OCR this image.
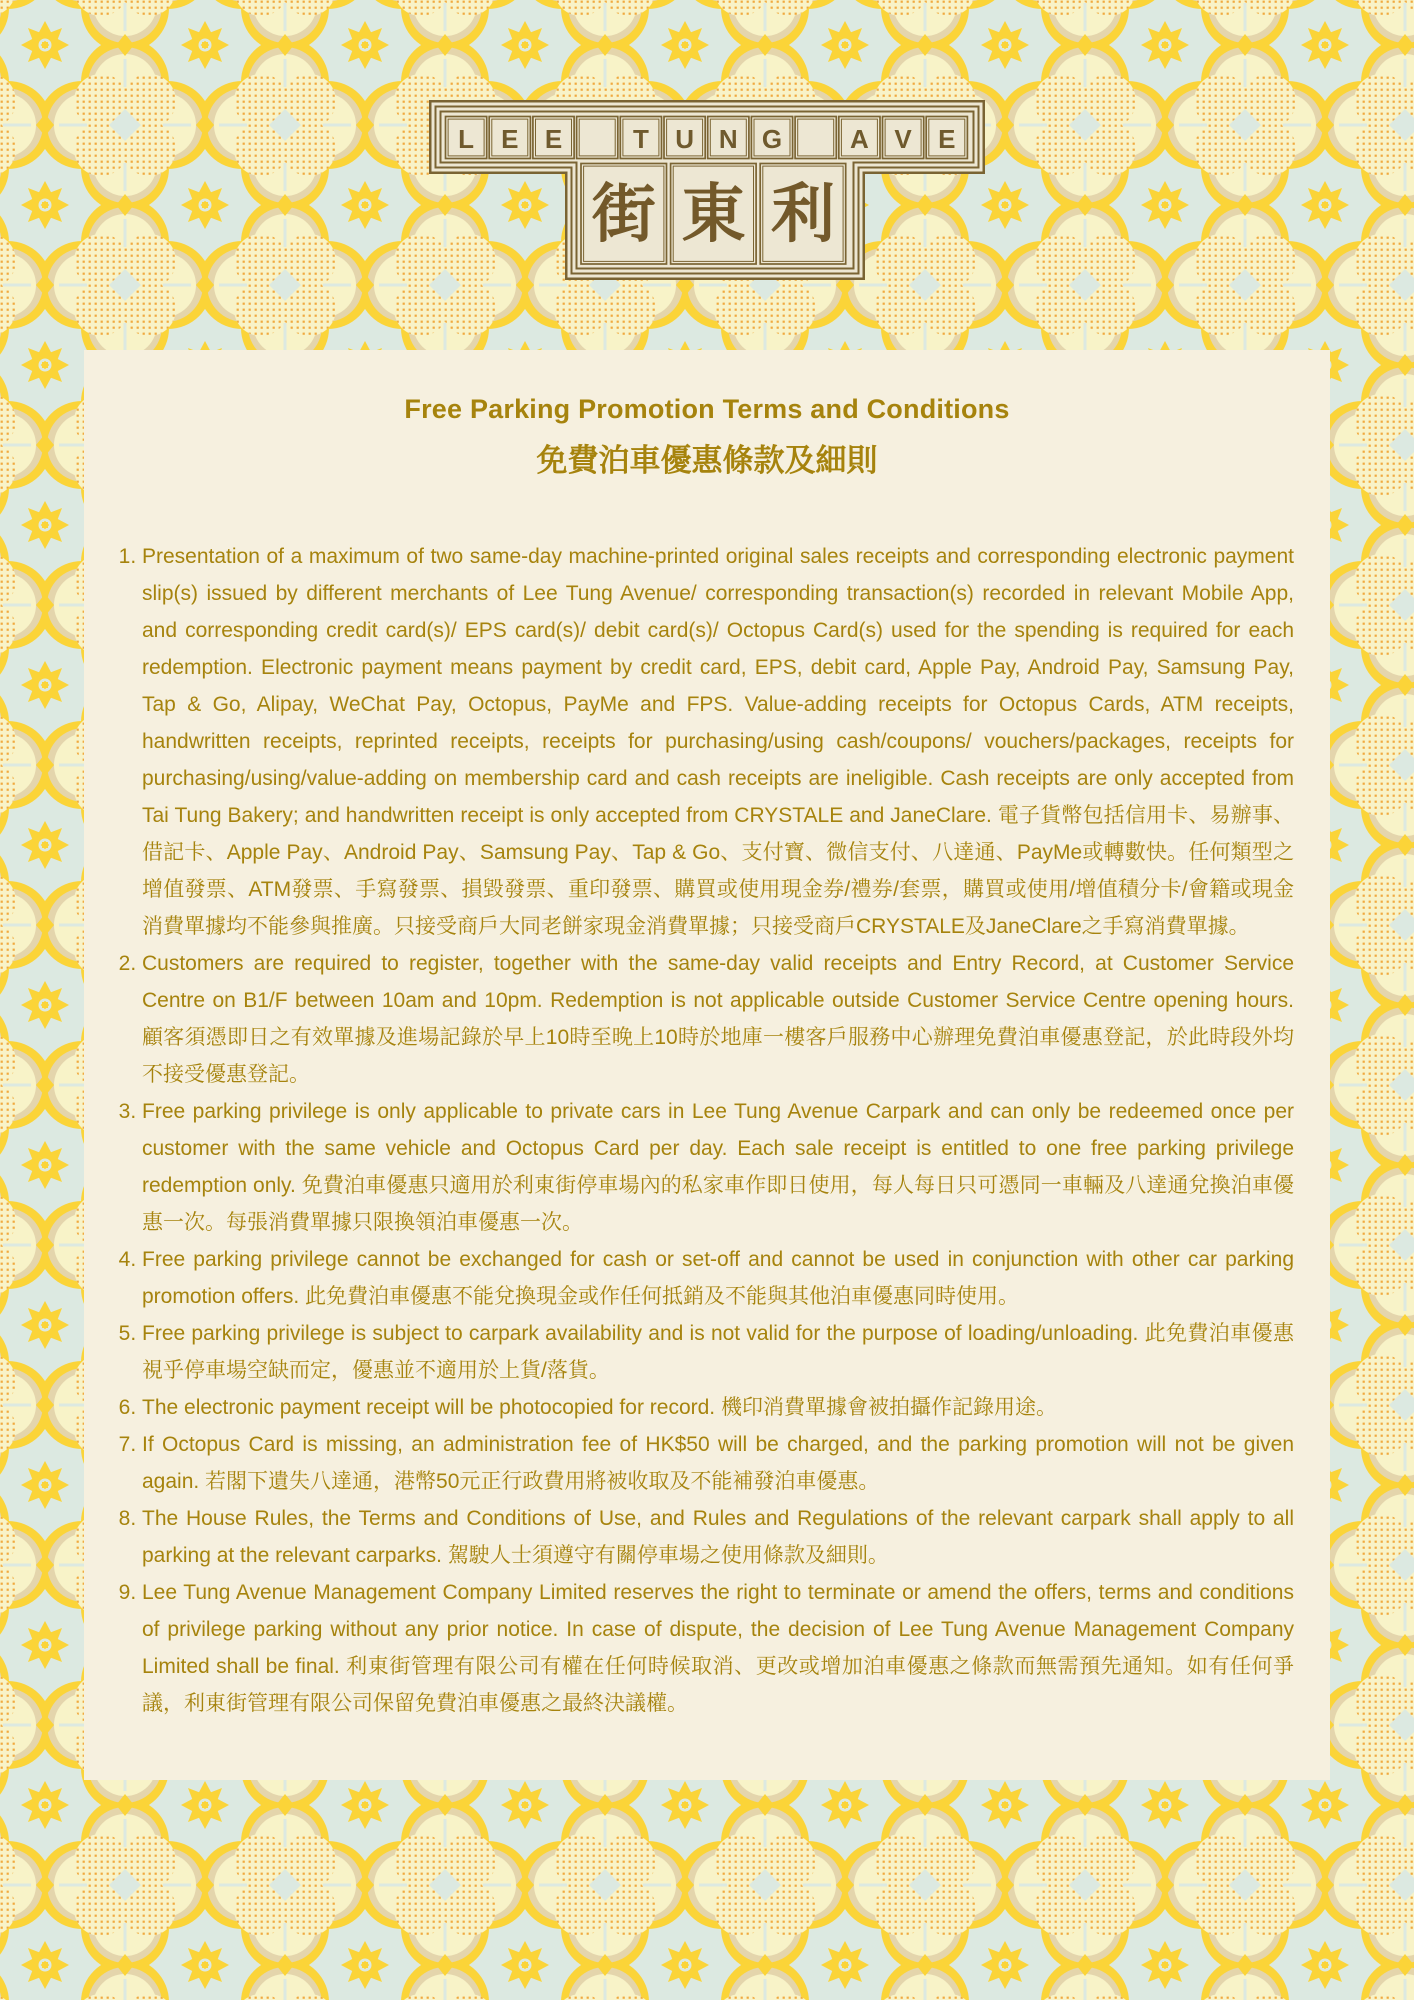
L E E	T U N G	A V E
街 東 利
Free Parking Promotion Terms and Conditions
免費泊車優惠條款及細則
1. Presentation of a maximum of two same-day machine-printed original sales receipts and corresponding electronic payment slip(s) issued by different merchants of Lee Tung Avenue/ corresponding transaction(s) recorded in relevant Mobile App, and corresponding credit card(s)/ EPS card(s)/ debit card(s)/ Octopus Card(s) used for the spending is required for each redemption. Electronic payment means payment by credit card, EPS, debit card, Apple Pay, Android Pay, Samsung Pay, Tap & Go, Alipay, WeChat Pay, Octopus, PayMe and FPS. Value-adding receipts for Octopus Cards, ATM receipts, handwritten receipts, reprinted receipts, receipts for purchasing/using cash/coupons/ vouchers/packages, receipts for purchasing/using/value-adding on membership card and cash receipts are ineligible. Cash receipts are only accepted from Tai Tung Bakery; and handwritten receipt is only accepted from CRYSTALE and JaneClare. 電子貨幣包括信用卡、易辦事、借記卡、Apple Pay、Android Pay、Samsung Pay、Tap & Go、支付寶、微信支付、八達通、PayMe或轉數快。任何類型之增值發票、ATM發票、手寫發票、損毀發票、重印發票、購買或使用現金券/禮券/套票，購買或使用/增值積分卡/會籍或現金消費單據均不能參與推廣。只接受商戶大同老餅家現金消費單據；只接受商戶CRYSTALE及JaneClare之手寫消費單據。
2. Customers are required to register, together with the same-day valid receipts and Entry Record, at Customer Service Centre on B1/F between 10am and 10pm. Redemption is not applicable outside Customer Service Centre opening hours. 顧客須憑即日之有效單據及進場記錄於早上10時至晚上10時於地庫一樓客戶服務中心辦理免費泊車優惠登記，於此時段外均不接受優惠登記。
3. Free parking privilege is only applicable to private cars in Lee Tung Avenue Carpark and can only be redeemed once per customer with the same vehicle and Octopus Card per day. Each sale receipt is entitled to one free parking privilege redemption only. 免費泊車優惠只適用於利東街停車場內的私家車作即日使用，每人每日只可憑同一車輛及八達通兌換泊車優惠一次。每張消費單據只限換領泊車優惠一次。
4. Free parking privilege cannot be exchanged for cash or set-off and cannot be used in conjunction with other car parking promotion offers. 此免費泊車優惠不能兌換現金或作任何抵銷及不能與其他泊車優惠同時使用。
5. Free parking privilege is subject to carpark availability and is not valid for the purpose of loading/unloading. 此免費泊車優惠視乎停車場空缺而定，優惠並不適用於上貨/落貨。
6. The electronic payment receipt will be photocopied for record. 機印消費單據會被拍攝作記錄用途。
7. If Octopus Card is missing, an administration fee of HK$50 will be charged, and the parking promotion will not be given again. 若閣下遺失八達通，港幣50元正行政費用將被收取及不能補發泊車優惠。
8. The House Rules, the Terms and Conditions of Use, and Rules and Regulations of the relevant carpark shall apply to all parking at the relevant carparks. 駕駛人士須遵守有關停車場之使用條款及細則。
9. Lee Tung Avenue Management Company Limited reserves the right to terminate or amend the offers, terms and conditions of privilege parking without any prior notice. In case of dispute, the decision of Lee Tung Avenue Management Company Limited shall be final. 利東街管理有限公司有權在任何時候取消、更改或增加泊車優惠之條款而無需預先通知。如有任何爭議，利東街管理有限公司保留免費泊車優惠之最終決議權。
